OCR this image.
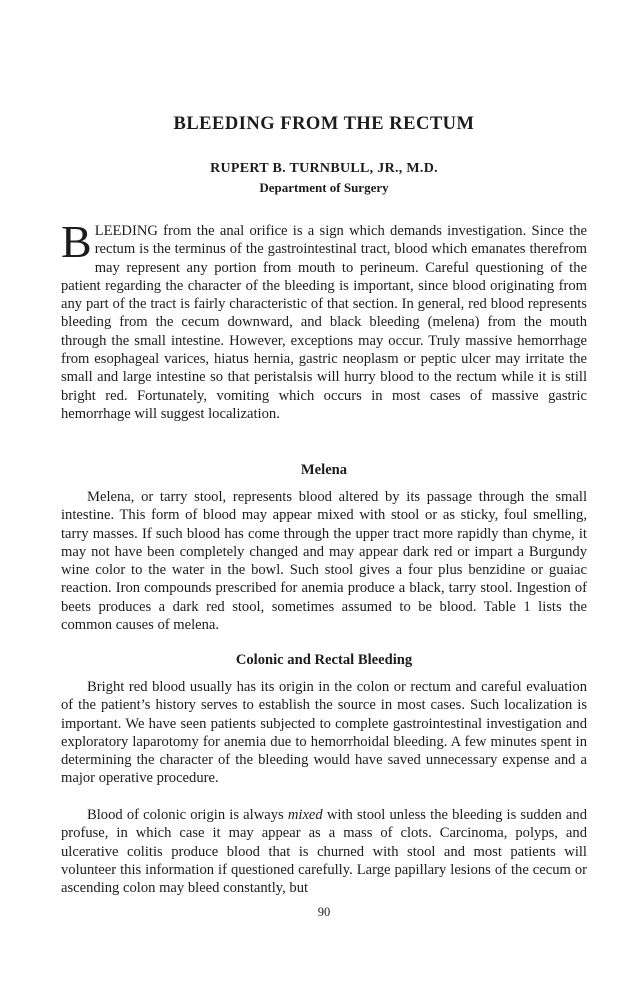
BLEEDING FROM THE RECTUM
RUPERT B. TURNBULL, JR., M.D.
Department of Surgery

BLEEDING from the anal orifice is a sign which demands investigation. Since the rectum is the terminus of the gastrointestinal tract, blood which emanates therefrom may represent any portion from mouth to perineum. Careful questioning of the patient regarding the character of the bleeding is important, since blood originating from any part of the tract is fairly characteristic of that section. In general, red blood represents bleeding from the cecum downward, and black bleeding (melena) from the mouth through the small intestine. However, exceptions may occur. Truly massive hemorrhage from esophageal varices, hiatus hernia, gastric neoplasm or peptic ulcer may irritate the small and large intestine so that peristalsis will hurry blood to the rectum while it is still bright red. Fortunately, vomiting which occurs in most cases of massive gastric hemorrhage will suggest localization.

Melena

Melena, or tarry stool, represents blood altered by its passage through the small intestine. This form of blood may appear mixed with stool or as sticky, foul smelling, tarry masses. If such blood has come through the upper tract more rapidly than chyme, it may not have been completely changed and may appear dark red or impart a Burgundy wine color to the water in the bowl. Such stool gives a four plus benzidine or guaiac reaction. Iron compounds prescribed for anemia produce a black, tarry stool. Ingestion of beets produces a dark red stool, sometimes assumed to be blood. Table 1 lists the common causes of melena.

Colonic and Rectal Bleeding

Bright red blood usually has its origin in the colon or rectum and careful evaluation of the patient’s history serves to establish the source in most cases. Such localization is important. We have seen patients subjected to complete gastrointestinal investigation and exploratory laparotomy for anemia due to hemorrhoidal bleeding. A few minutes spent in determining the character of the bleeding would have saved unnecessary expense and a major operative procedure.

Blood of colonic origin is always mixed with stool unless the bleeding is sudden and profuse, in which case it may appear as a mass of clots. Carcinoma, polyps, and ulcerative colitis produce blood that is churned with stool and most patients will volunteer this information if questioned carefully. Large papillary lesions of the cecum or ascending colon may bleed constantly, but

90
